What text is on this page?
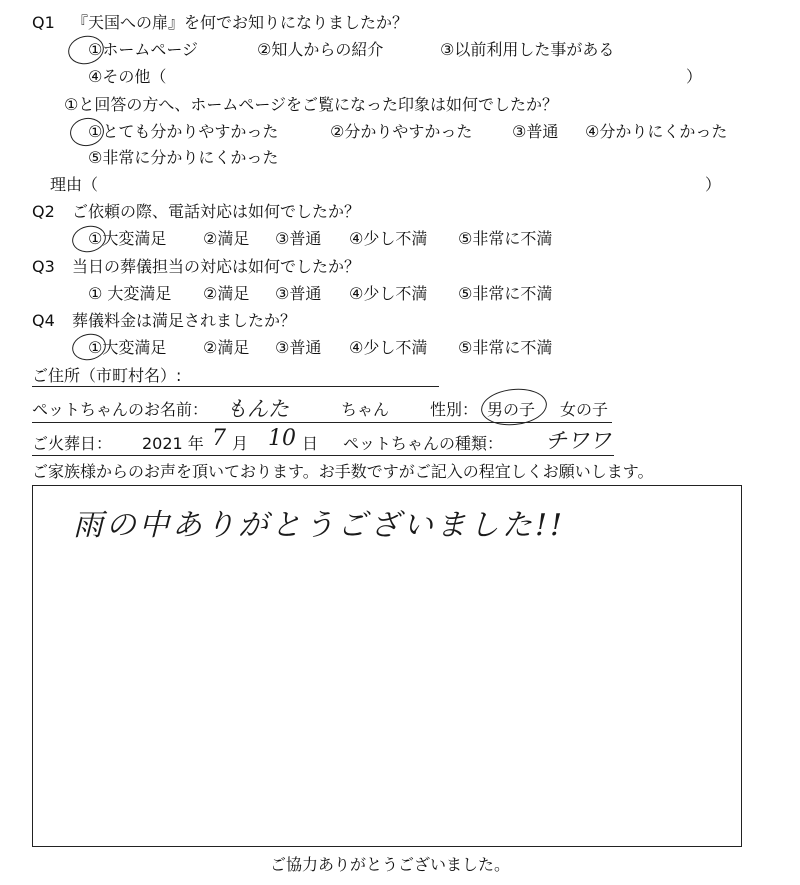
Q1 『天国への扉』を何でお知りになりましたか？
①ホームページ	②知人からの紹介	③以前利用した事がある
④その他（	）
①と回答の方へ、ホームページをご覧になった印象は如何でしたか？
①とても分かりやすかった	②分かりやすかった ③普通 ④分かりにくかった
⑤非常に分かりにくかった
理由（	）
Q2 ご依頼の際、電話対応は如何でしたか？
①大変満足 ②満足 ③普通 ④少し不満 ⑤非常に不満
Q3 当日の葬儀担当の対応は如何でしたか？
① 大変満足 ②満足 ③普通 ④少し不満 ⑤非常に不満
Q4 葬儀料金は満足されましたか？
①大変満足 ②満足 ③普通 ④少し不満 ⑤非常に不満
ご住所（市町村名）:
ペットちゃんのお名前： もんた	ちゃん	性別： 男の子 女の子
ご火葬日： 2021 年 7 月 10 日 ペットちゃんの種類： チワワ
ご家族様からのお声を頂いております。お手数ですがご記入の程宜しくお願いします。
雨の中ありがとうございました!!
ご協力ありがとうございました。
